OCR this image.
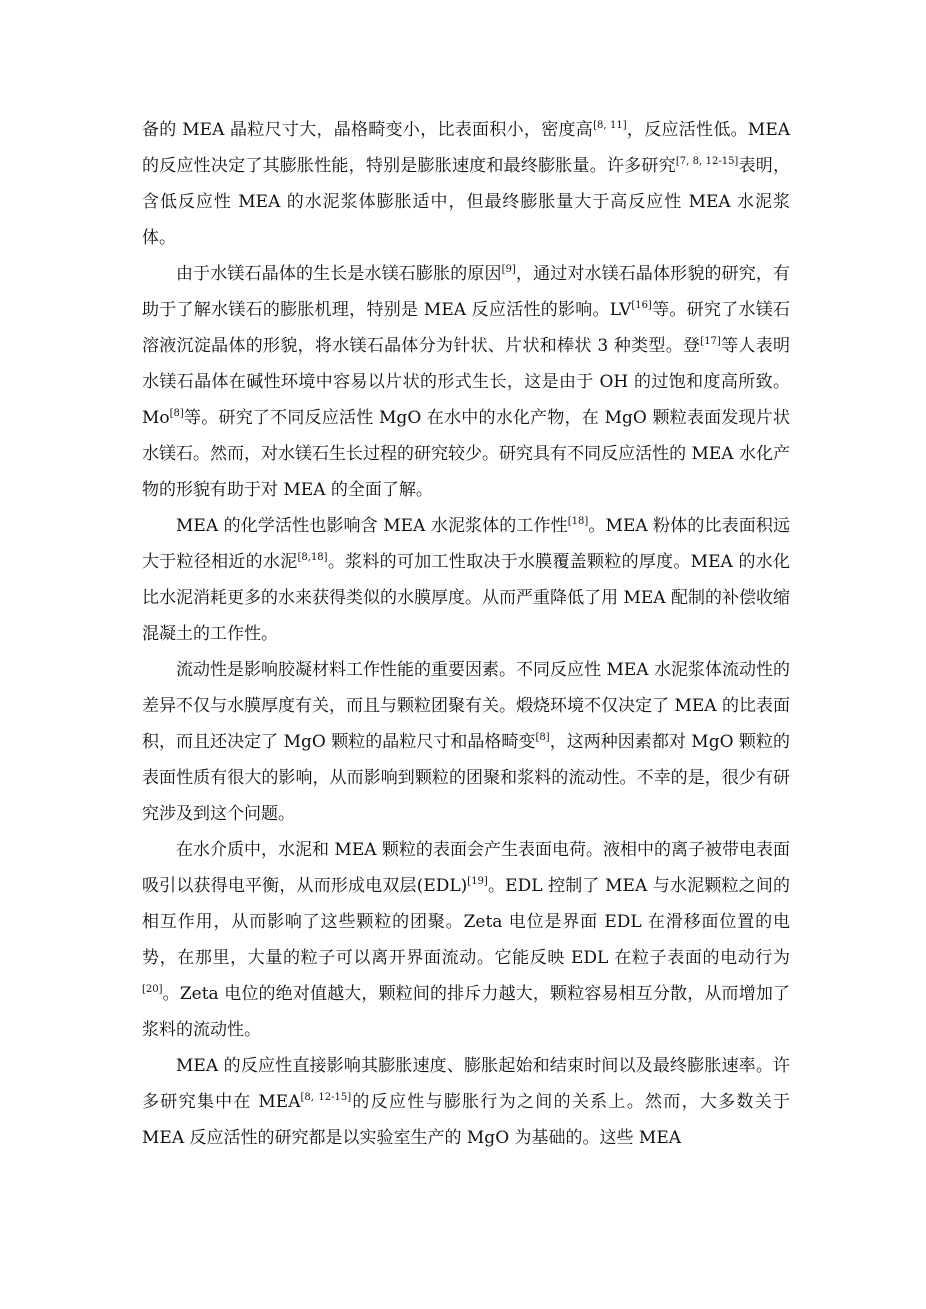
备的 MEA 晶粒尺寸大，晶格畸变小，比表面积小，密度高[8, 11]，反应活性低。MEA 的反应性决定了其膨胀性能，特别是膨胀速度和最终膨胀量。许多研究[7, 8, 12-15]表明，含低反应性 MEA 的水泥浆体膨胀适中，但最终膨胀量大于高反应性 MEA 水泥浆体。

由于水镁石晶体的生长是水镁石膨胀的原因[9]，通过对水镁石晶体形貌的研究，有助于了解水镁石的膨胀机理，特别是 MEA 反应活性的影响。LV[16]等。研究了水镁石溶液沉淀晶体的形貌，将水镁石晶体分为针状、片状和棒状 3 种类型。登[17]等人表明水镁石晶体在碱性环境中容易以片状的形式生长，这是由于 OH 的过饱和度高所致。Mo[8]等。研究了不同反应活性 MgO 在水中的水化产物，在 MgO 颗粒表面发现片状水镁石。然而，对水镁石生长过程的研究较少。研究具有不同反应活性的 MEA 水化产物的形貌有助于对 MEA 的全面了解。

MEA 的化学活性也影响含 MEA 水泥浆体的工作性[18]。MEA 粉体的比表面积远大于粒径相近的水泥[8,18]。浆料的可加工性取决于水膜覆盖颗粒的厚度。MEA 的水化比水泥消耗更多的水来获得类似的水膜厚度。从而严重降低了用 MEA 配制的补偿收缩混凝土的工作性。

流动性是影响胶凝材料工作性能的重要因素。不同反应性 MEA 水泥浆体流动性的差异不仅与水膜厚度有关，而且与颗粒团聚有关。煅烧环境不仅决定了 MEA 的比表面积，而且还决定了 MgO 颗粒的晶粒尺寸和晶格畸变[8]，这两种因素都对 MgO 颗粒的表面性质有很大的影响，从而影响到颗粒的团聚和浆料的流动性。不幸的是，很少有研究涉及到这个问题。

在水介质中，水泥和 MEA 颗粒的表面会产生表面电荷。液相中的离子被带电表面吸引以获得电平衡，从而形成电双层(EDL)[19]。EDL 控制了 MEA 与水泥颗粒之间的相互作用，从而影响了这些颗粒的团聚。Zeta 电位是界面 EDL 在滑移面位置的电势，在那里，大量的粒子可以离开界面流动。它能反映 EDL 在粒子表面的电动行为[20]。Zeta 电位的绝对值越大，颗粒间的排斥力越大，颗粒容易相互分散，从而增加了浆料的流动性。

MEA 的反应性直接影响其膨胀速度、膨胀起始和结束时间以及最终膨胀速率。许多研究集中在 MEA[8, 12-15]的反应性与膨胀行为之间的关系上。然而，大多数关于 MEA 反应活性的研究都是以实验室生产的 MgO 为基础的。这些 MEA
